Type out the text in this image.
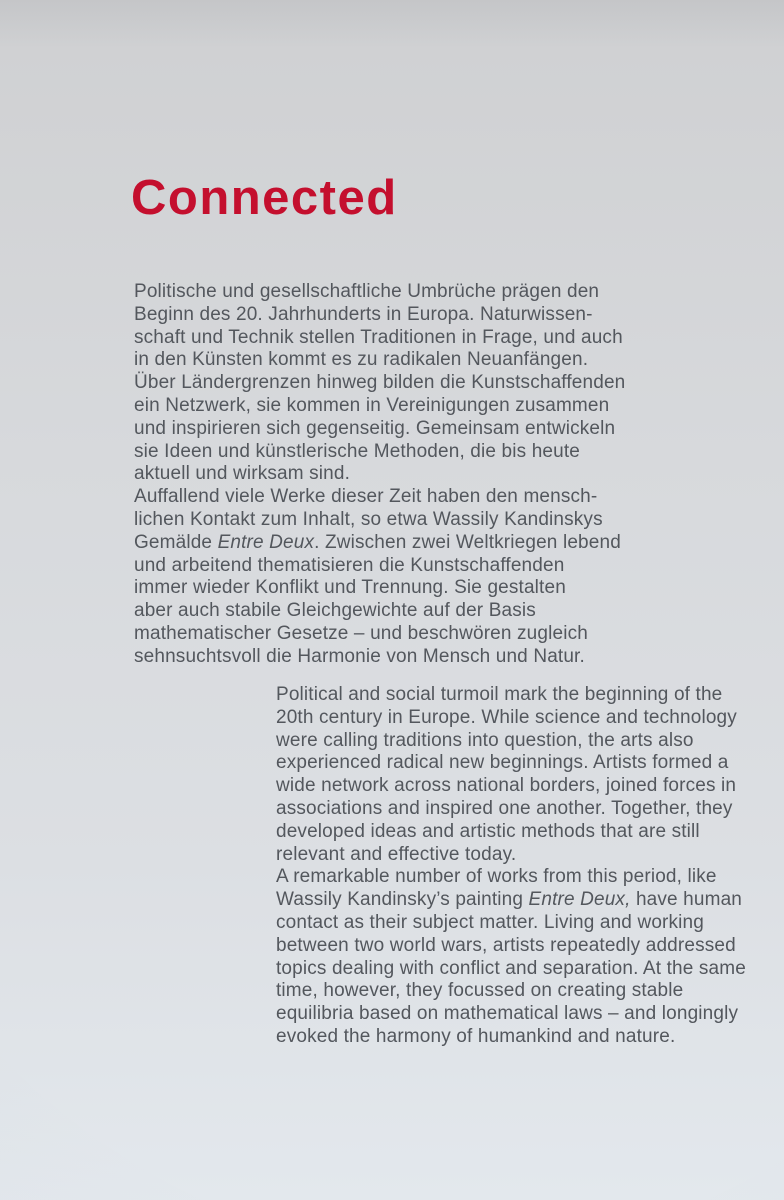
Connected
Politische und gesellschaftliche Umbrüche prägen den
Beginn des 20. Jahrhunderts in Europa. Naturwissen-
schaft und Technik stellen Traditionen in Frage, und auch
in den Künsten kommt es zu radikalen Neuanfängen.
Über Ländergrenzen hinweg bilden die Kunstschaffenden
ein Netzwerk, sie kommen in Vereinigungen zusammen
und inspirieren sich gegenseitig. Gemeinsam entwickeln
sie Ideen und künstlerische Methoden, die bis heute
aktuell und wirksam sind.
Auffallend viele Werke dieser Zeit haben den mensch-
lichen Kontakt zum Inhalt, so etwa Wassily Kandinskys
Gemälde Entre Deux. Zwischen zwei Weltkriegen lebend
und arbeitend thematisieren die Kunstschaffenden
immer wieder Konflikt und Trennung. Sie gestalten
aber auch stabile Gleichgewichte auf der Basis
mathematischer Gesetze – und beschwören zugleich
sehnsuchtsvoll die Harmonie von Mensch und Natur.
Political and social turmoil mark the beginning of the
20th century in Europe. While science and technology
were calling traditions into question, the arts also
experienced radical new beginnings. Artists formed a
wide network across national borders, joined forces in
associations and inspired one another. Together, they
developed ideas and artistic methods that are still
relevant and effective today.
A remarkable number of works from this period, like
Wassily Kandinsky’s painting Entre Deux, have human
contact as their subject matter. Living and working
between two world wars, artists repeatedly addressed
topics dealing with conflict and separation. At the same
time, however, they focussed on creating stable
equilibria based on mathematical laws – and longingly
evoked the harmony of humankind and nature.
